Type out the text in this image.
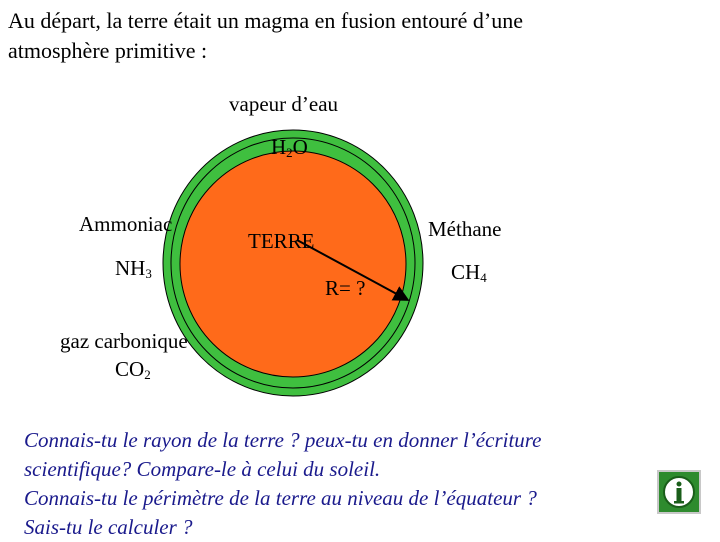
Au départ, la terre était un magma en fusion entouré d’une
atmosphère primitive :
vapeur d’eau
$H_2O$
Ammoniac
$NH_3$
Méthane
$CH_4$
TERRE
R= ?
gaz carbonique
$CO_2$
Connais-tu le rayon de la terre ? peux-tu en donner l’écriture
scientifique? Compare-le à celui du soleil.
Connais-tu le périmètre de la terre au niveau de l’équateur ?
Sais-tu le calculer ?
